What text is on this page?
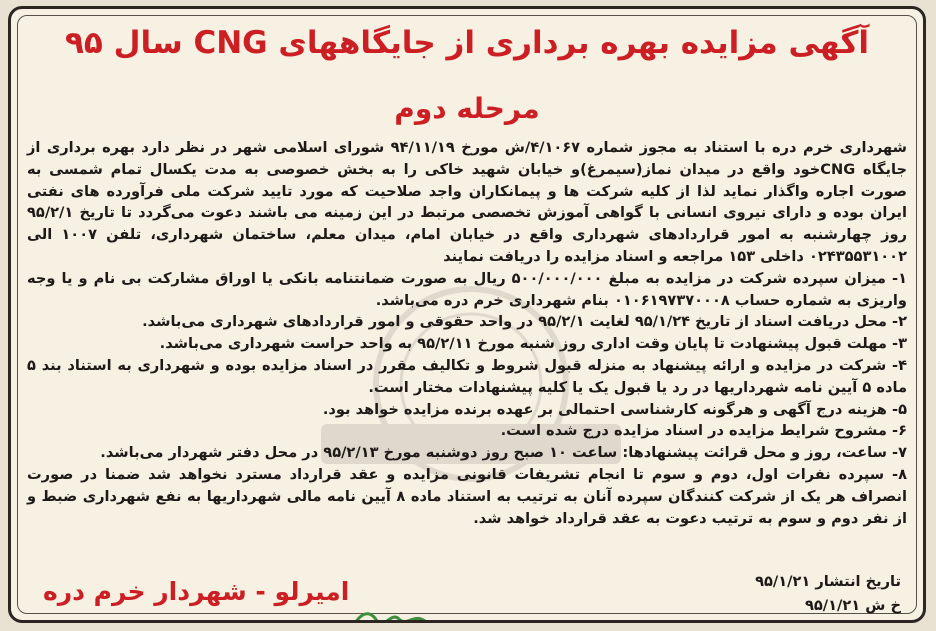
آگهی مزایده بهره برداری از جایگاههای CNG سال ۹۵
مرحله دوم

شهرداری خرم دره با استناد به مجوز شماره ۴/۱۰۶۷/ش مورخ ۹۴/۱۱/۱۹ شورای اسلامی شهر در نظر دارد بهره برداری از جایگاه CNGخود واقع در میدان نماز(سیمرغ)و خیابان شهید خاکی را به بخش خصوصی به مدت یکسال تمام شمسی به صورت اجاره واگذار نماید لذا از کلیه شرکت ها و پیمانکاران واجد صلاحیت که مورد تایید شرکت ملی فرآورده های نفتی ایران بوده و دارای نیروی انسانی با گواهی آموزش تخصصی مرتبط در این زمینه می باشند دعوت می‌گردد تا تاریخ ۹۵/۲/۱ روز چهارشنبه به امور قراردادهای شهرداری واقع در خیابان امام، میدان معلم، ساختمان شهرداری، تلفن ۱۰۰۷ الی ۰۲۴۳۵۵۳۱۰۰۲ داخلی ۱۵۳ مراجعه و اسناد مزایده را دریافت نمایند

۱- میزان سپرده شرکت در مزایده به مبلغ ۵۰۰/۰۰۰/۰۰۰ ریال به صورت ضمانتنامه بانکی یا اوراق مشارکت بی نام و یا وجه واریزی به شماره حساب ۰۱۰۶۱۹۷۳۷۰۰۰۸ بنام شهرداری خرم دره می‌باشد.

۲- محل دریافت اسناد از تاریخ ۹۵/۱/۲۴ لغایت ۹۵/۲/۱ در واحد حقوقی و امور قراردادهای شهرداری می‌باشد.

۳- مهلت قبول پیشنهادت تا پایان وقت اداری روز شنبه مورخ ۹۵/۲/۱۱ به واحد حراست شهرداری می‌باشد.

۴- شرکت در مزایده و ارائه پیشنهاد به منزله قبول شروط و تکالیف مقرر در اسناد مزایده بوده و شهرداری به استناد بند ۵ ماده ۵ آیین نامه شهرداریها در رد یا قبول یک یا کلیه پیشنهادات مختار است.

۵- هزینه درج آگهی و هرگونه کارشناسی احتمالی بر عهده برنده مزایده خواهد بود.

۶- مشروح شرایط مزایده در اسناد مزایده درج شده است.

۷- ساعت، روز و محل قرائت پیشنهادها: ساعت ۱۰ صبح روز دوشنبه مورخ ۹۵/۲/۱۳ در محل دفتر شهردار می‌باشد.

۸- سپرده نفرات اول، دوم و سوم تا انجام تشریفات قانونی مزایده و عقد قرارداد مسترد نخواهد شد ضمنا در صورت انصراف هر یک از شرکت کنندگان سپرده آنان به ترتیب به استناد ماده ۸ آیین نامه مالی شهرداریها به نفع شهرداری ضبط و از نفر دوم و سوم به ترتیب دعوت به عقد قرارداد خواهد شد.

تاریخ انتشار ۹۵/۱/۲۱
خ ش ۹۵/۱/۲۱
امیرلو - شهردار خرم دره
